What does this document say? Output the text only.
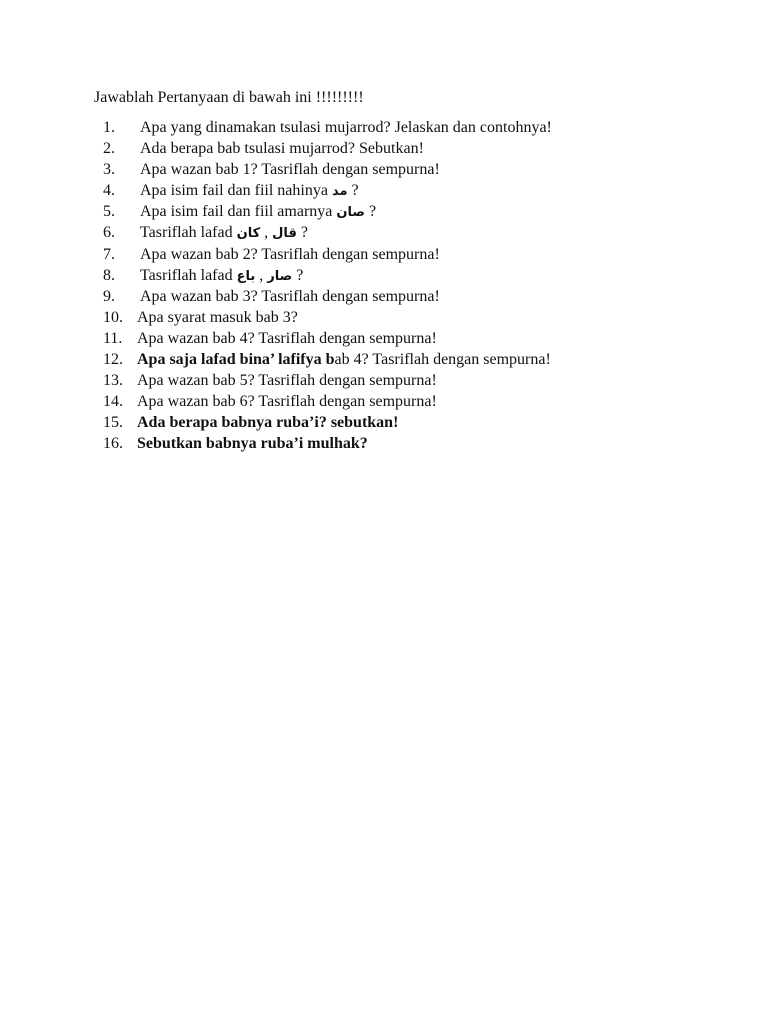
Jawablah Pertanyaan di bawah ini !!!!!!!!!
1.	Apa yang dinamakan tsulasi mujarrod? Jelaskan dan contohnya!
2.	Ada berapa bab tsulasi mujarrod? Sebutkan!
3.	Apa wazan bab 1? Tasriflah dengan sempurna!
4.	Apa isim fail dan fiil nahinya مد ?
5.	Apa isim fail dan fiil amarnya صان ?
6.	Tasriflah lafad كان , قال ?
7.	Apa wazan bab 2? Tasriflah dengan sempurna!
8.	Tasriflah lafad باع , صار ?
9.	Apa wazan bab 3? Tasriflah dengan sempurna!
10. Apa syarat masuk bab 3?
11. Apa wazan bab 4? Tasriflah dengan sempurna!
12. Apa saja lafad bina’ lafifya bab 4? Tasriflah dengan sempurna!
13. Apa wazan bab 5? Tasriflah dengan sempurna!
14. Apa wazan bab 6? Tasriflah dengan sempurna!
15. Ada berapa babnya ruba’i? sebutkan!
16. Sebutkan babnya ruba’i mulhak?
